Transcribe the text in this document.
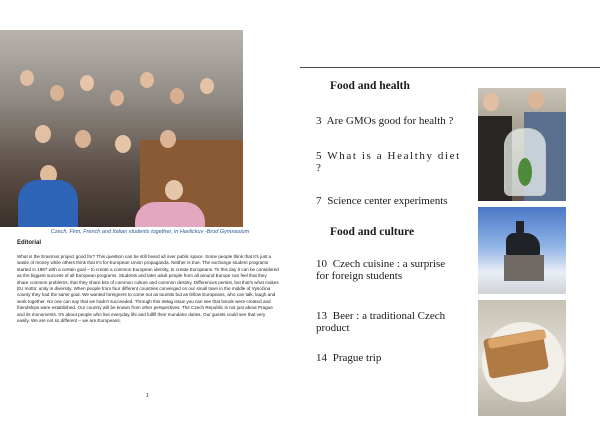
Czech, Finn, French and Italian students together, in Havlickuv -Brod Gymnasium
Editorial

What is the Erasmus project good for? This question can be still heard all over public space. Some people think that it's just a waste of money while others think that it's for European Union propaganda. Neither is true. The exchange student programs started in 1987 with a certain goal – to create a common European identity, to create Europeans. To this day it can be considered as the biggest success of all European programs. Students and later adult people from all around Europe can feel that they share common problems, that they share bits of common culture and common destiny. Differences persist, but that's what makes EU motto: unity in diversity. When people from four different countries converged on our small town in the middle of Vysočina county they had the same goal. We wanted foreigners to come not as tourists but as fellow Europeans, who can talk, laugh and work together. No one can say that we hadn't succeeded. Through this eMag issue you can see that bonds were created and friendships were established. Our country will be known from other perspectives. The Czech Republic is not just about Prague and its monuments. It's about people who live everyday life and fulfill their mundane duties. Our guests could see that very easily. We are not so different – we are Europeans.

1
Food and health
3 Are GMOs good for health ?
5 What is a Healthy diet ?
7 Science center experiments
Food and culture
10 Czech cuisine : a surprise for foreign students
13 Beer : a traditional Czech product
14 Prague trip
